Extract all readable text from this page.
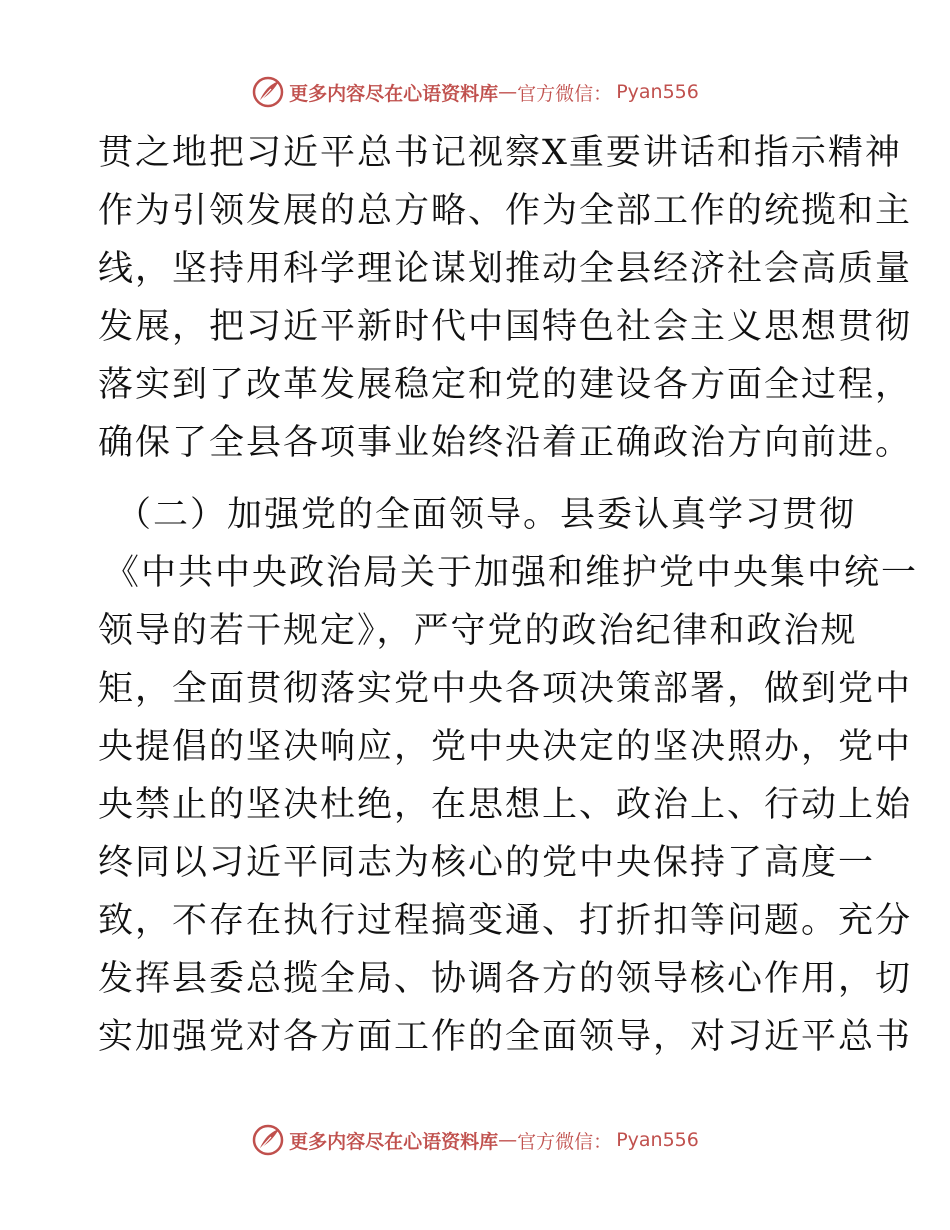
更多内容尽在心语资料库 — 官方微信： Pyan556
贯之地把习近平总书记视察X重要讲话和指示精神
作为引领发展的总方略、作为全部工作的统揽和主
线，坚持用科学理论谋划推动全县经济社会高质量
发展，把习近平新时代中国特色社会主义思想贯彻
落实到了改革发展稳定和党的建设各方面全过程，
确保了全县各项事业始终沿着正确政治方向前进。
（二）加强党的全面领导。县委认真学习贯彻
《中共中央政治局关于加强和维护党中央集中统一
领导的若干规定》，严守党的政治纪律和政治规
矩，全面贯彻落实党中央各项决策部署，做到党中
央提倡的坚决响应，党中央决定的坚决照办，党中
央禁止的坚决杜绝，在思想上、政治上、行动上始
终同以习近平同志为核心的党中央保持了高度一
致，不存在执行过程搞变通、打折扣等问题。充分
发挥县委总揽全局、协调各方的领导核心作用，切
实加强党对各方面工作的全面领导，对习近平总书
更多内容尽在心语资料库 — 官方微信： Pyan556
